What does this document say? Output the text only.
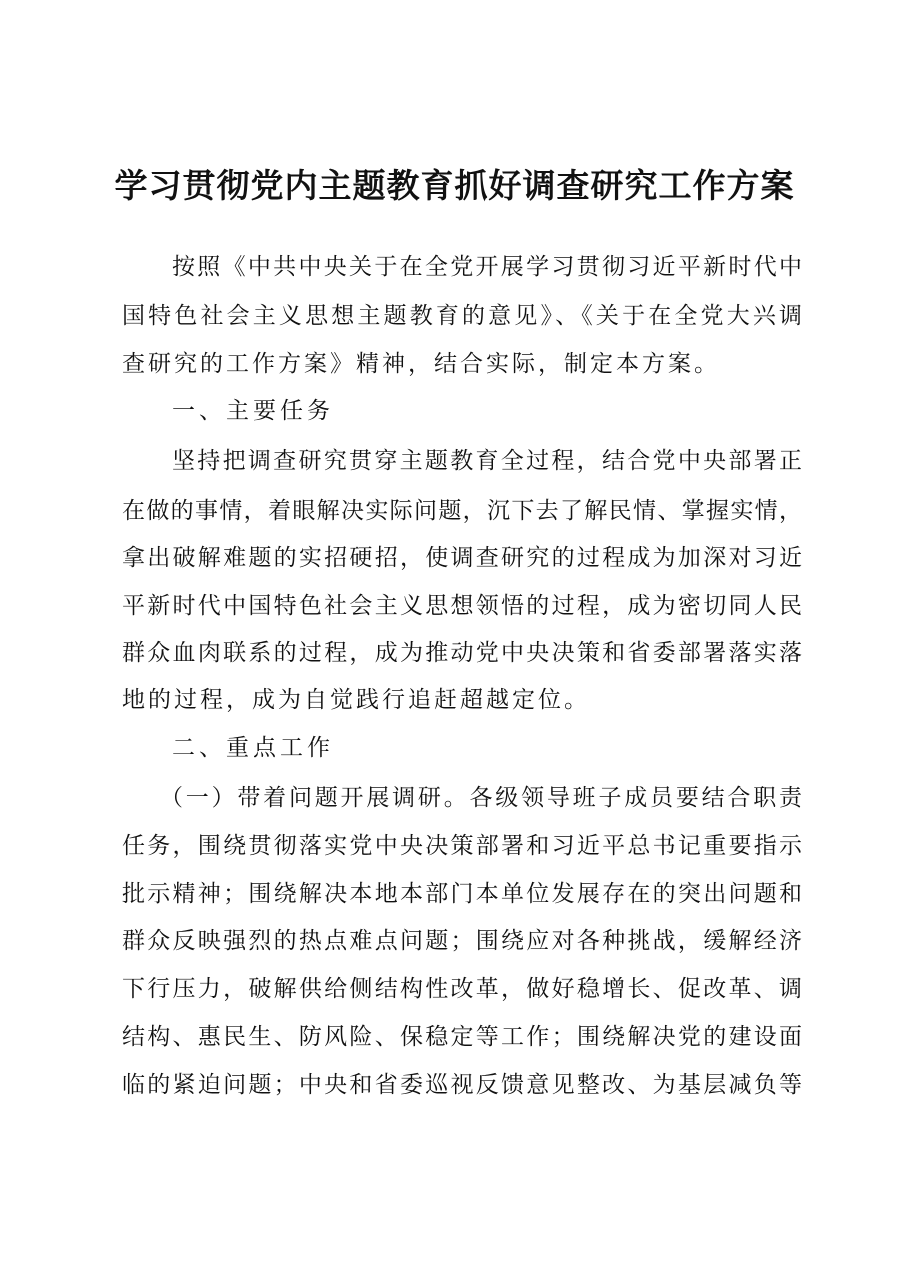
学习贯彻党内主题教育抓好调查研究工作方案
按照《中共中央关于在全党开展学习贯彻习近平新时代中
国特色社会主义思想主题教育的意见》、《关于在全党大兴调
查研究的工作方案》精神，结合实际，制定本方案。
一、主要任务
坚持把调查研究贯穿主题教育全过程，结合党中央部署正
在做的事情，着眼解决实际问题，沉下去了解民情、掌握实情，
拿出破解难题的实招硬招，使调查研究的过程成为加深对习近
平新时代中国特色社会主义思想领悟的过程，成为密切同人民
群众血肉联系的过程，成为推动党中央决策和省委部署落实落
地的过程，成为自觉践行追赶超越定位。
二、重点工作
（一）带着问题开展调研。各级领导班子成员要结合职责
任务，围绕贯彻落实党中央决策部署和习近平总书记重要指示
批示精神；围绕解决本地本部门本单位发展存在的突出问题和
群众反映强烈的热点难点问题；围绕应对各种挑战，缓解经济
下行压力，破解供给侧结构性改革，做好稳增长、促改革、调
结构、惠民生、防风险、保稳定等工作；围绕解决党的建设面
临的紧迫问题；中央和省委巡视反馈意见整改、为基层减负等
